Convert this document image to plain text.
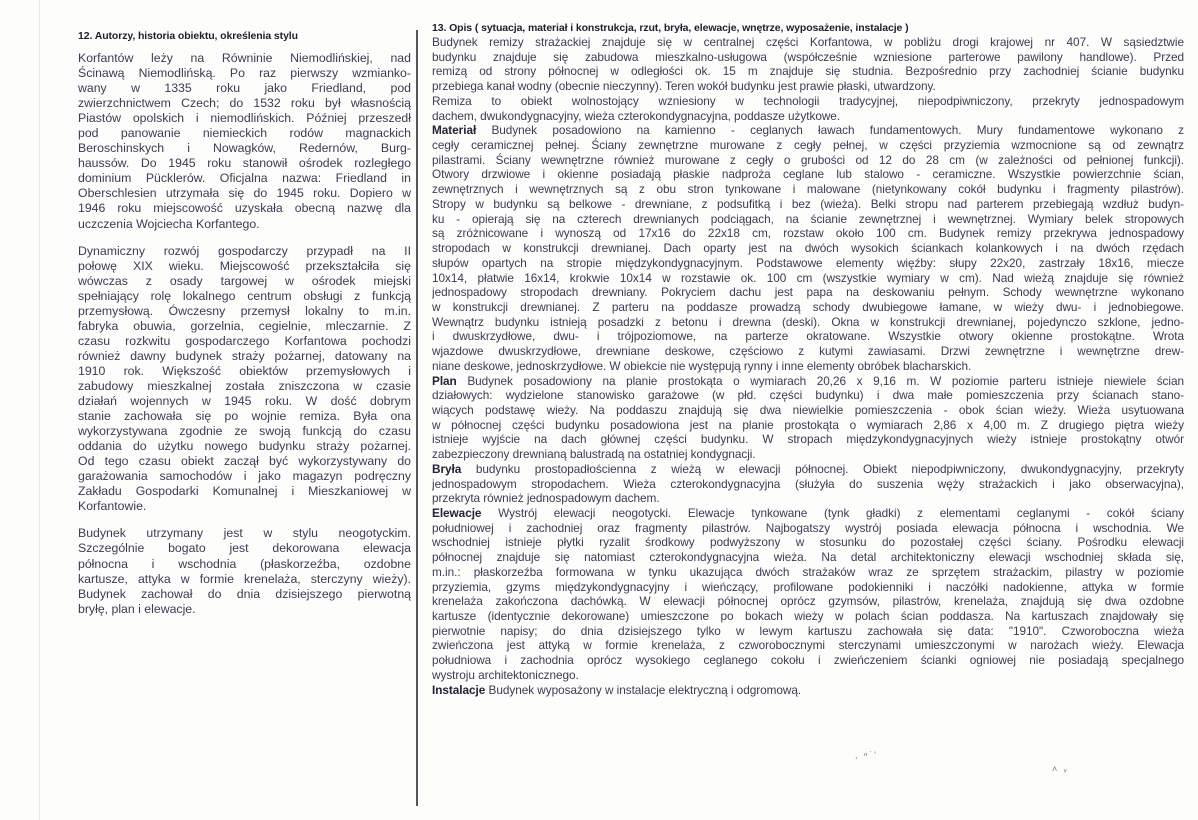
12. Autorzy, historia obiektu, określenia stylu
Korfantów leży na Równinie Niemodlińskiej, nad
Ścinawą Niemodlińską. Po raz pierwszy wzmianko-
wany w 1335 roku jako Friedland, pod
zwierzchnictwem Czech; do 1532 roku był własnością
Piastów opolskich i niemodlińskich. Później przeszedł
pod panowanie niemieckich rodów magnackich
Beroschinskych i Nowagków, Redernów, Burg-
haussów. Do 1945 roku stanowił ośrodek rozległego
dominium Pücklerów. Oficjalna nazwa: Friedland in
Oberschlesien utrzymała się do 1945 roku. Dopiero w
1946 roku miejscowość uzyskała obecną nazwę dla
uczczenia Wojciecha Korfantego.
Dynamiczny rozwój gospodarczy przypadł na II
połowę XIX wieku. Miejscowość przekształciła się
wówczas z osady targowej w ośrodek miejski
spełniający rolę lokalnego centrum obsługi z funkcją
przemysłową. Ówczesny przemysł lokalny to m.in.
fabryka obuwia, gorzelnia, cegielnie, mleczarnie. Z
czasu rozkwitu gospodarczego Korfantowa pochodzi
również dawny budynek straży pożarnej, datowany na
1910 rok. Większość obiektów przemysłowych i
zabudowy mieszkalnej została zniszczona w czasie
działań wojennych w 1945 roku. W dość dobrym
stanie zachowała się po wojnie remiza. Była ona
wykorzystywana zgodnie ze swoją funkcją do czasu
oddania do użytku nowego budynku straży pożarnej.
Od tego czasu obiekt zaczął być wykorzystywany do
garażowania samochodów i jako magazyn podręczny
Zakładu Gospodarki Komunalnej i Mieszkaniowej w
Korfantowie.
Budynek utrzymany jest w stylu neogotyckim.
Szczególnie bogato jest dekorowana elewacja
północna i wschodnia (płaskorzeźba, ozdobne
kartusze, attyka w formie krenelaża, sterczyny wieży).
Budynek zachował do dnia dzisiejszego pierwotną
bryłę, plan i elewacje.
13. Opis ( sytuacja, materiał i konstrukcja, rzut, bryła, elewacje, wnętrze, wyposażenie, instalacje )
Budynek remizy strażackiej znajduje się w centralnej części Korfantowa, w pobliżu drogi krajowej nr 407. W sąsiedztwie
budynku znajduje się zabudowa mieszkalno-usługowa (współcześnie wzniesione parterowe pawilony handlowe). Przed
remizą od strony północnej w odległości ok. 15 m znajduje się studnia. Bezpośrednio przy zachodniej ścianie budynku
przebiega kanał wodny (obecnie nieczynny). Teren wokół budynku jest prawie płaski, utwardzony.
Remiza to obiekt wolnostojący wzniesiony w technologii tradycyjnej, niepodpiwniczony, przekryty jednospadowym
dachem, dwukondygnacyjny, wieża czterokondygnacyjna, poddasze użytkowe.
Materiał Budynek posadowiono na kamienno - ceglanych ławach fundamentowych. Mury fundamentowe wykonano z
cegły ceramicznej pełnej. Ściany zewnętrzne murowane z cegły pełnej, w części przyziemia wzmocnione są od zewnątrz
pilastrami. Ściany wewnętrzne również murowane z cegły o grubości od 12 do 28 cm (w zależności od pełnionej funkcji).
Otwory drzwiowe i okienne posiadają płaskie nadproża ceglane lub stalowo - ceramiczne. Wszystkie powierzchnie ścian,
zewnętrznych i wewnętrznych są z obu stron tynkowane i malowane (nietynkowany cokół budynku i fragmenty pilastrów).
Stropy w budynku są belkowe - drewniane, z podsufitką i bez (wieża). Belki stropu nad parterem przebiegają wzdłuż budyn-
ku - opierają się na czterech drewnianych podciągach, na ścianie zewnętrznej i wewnętrznej. Wymiary belek stropowych
są zróżnicowane i wynoszą od 17x16 do 22x18 cm, rozstaw około 100 cm. Budynek remizy przekrywa jednospadowy
stropodach w konstrukcji drewnianej. Dach oparty jest na dwóch wysokich ściankach kolankowych i na dwóch rzędach
słupów opartych na stropie międzykondygnacyjnym. Podstawowe elementy więźby: słupy 22x20, zastrzały 18x16, miecze
10x14, płatwie 16x14, krokwie 10x14 w rozstawie ok. 100 cm (wszystkie wymiary w cm). Nad wieżą znajduje się również
jednospadowy stropodach drewniany. Pokryciem dachu jest papa na deskowaniu pełnym. Schody wewnętrzne wykonano
w konstrukcji drewnianej. Z parteru na poddasze prowadzą schody dwubiegowe łamane, w wieży dwu- i jednobiegowe.
Wewnątrz budynku istnieją posadzki z betonu i drewna (deski). Okna w konstrukcji drewnianej, pojedynczo szklone, jedno-
i dwuskrzydłowe, dwu- i trójpoziomowe, na parterze okratowane. Wszystkie otwory okienne prostokątne. Wrota
wjazdowe dwuskrzydłowe, drewniane deskowe, częściowo z kutymi zawiasami. Drzwi zewnętrzne i wewnętrzne drew-
niane deskowe, jednoskrzydłowe. W obiekcie nie występują rynny i inne elementy obróbek blacharskich.
Plan Budynek posadowiony na planie prostokąta o wymiarach 20,26 x 9,16 m. W poziomie parteru istnieje niewiele ścian
działowych: wydzielone stanowisko garażowe (w płd. części budynku) i dwa małe pomieszczenia przy ścianach stano-
wiących podstawę wieży. Na poddaszu znajdują się dwa niewielkie pomieszczenia - obok ścian wieży. Wieża usytuowana
w północnej części budynku posadowiona jest na planie prostokąta o wymiarach 2,86 x 4,00 m. Z drugiego piętra wieży
istnieje wyjście na dach głównej części budynku. W stropach międzykondygnacyjnych wieży istnieje prostokątny otwór
zabezpieczony drewnianą balustradą na ostatniej kondygnacji.
Bryła budynku prostopadłościenna z wieżą w elewacji północnej. Obiekt niepodpiwniczony, dwukondygnacyjny, przekryty
jednospadowym stropodachem. Wieża czterokondygnacyjna (służyła do suszenia węży strażackich i jako obserwacyjna),
przekryta również jednospadowym dachem.
Elewacje Wystrój elewacji neogotycki. Elewacje tynkowane (tynk gładki) z elementami ceglanymi - cokół ściany
południowej i zachodniej oraz fragmenty pilastrów. Najbogatszy wystrój posiada elewacja północna i wschodnia. We
wschodniej istnieje płytki ryzalit środkowy podwyższony w stosunku do pozostałej części ściany. Pośrodku elewacji
północnej znajduje się natomiast czterokondygnacyjna wieża. Na detal architektoniczny elewacji wschodniej składa się,
m.in.: płaskorzeźba formowana w tynku ukazująca dwóch strażaków wraz ze sprzętem strażackim, pilastry w poziomie
przyziemia, gzyms międzykondygnacyjny i wieńczący, profilowane podokienniki i naczółki nadokienne, attyka w formie
krenelaża zakończona dachówką. W elewacji północnej oprócz gzymsów, pilastrów, krenelaża, znajdują się dwa ozdobne
kartusze (identycznie dekorowane) umieszczone po bokach wieży w polach ścian poddasza. Na kartuszach znajdowały się
pierwotnie napisy; do dnia dzisiejszego tylko w lewym kartuszu zachowała się data: "1910". Czworoboczna wieża
zwieńczona jest attyką w formie krenelaża, z czworobocznymi sterczynami umieszczonymi w narożach wieży. Elewacja
południowa i zachodnia oprócz wysokiego ceglanego cokołu i zwieńczeniem ścianki ogniowej nie posiadają specjalnego
wystroju architektonicznego.
Instalacje Budynek wyposażony w instalacje elektryczną i odgromową.
, ⁿ˙'
˄ ᵥ
